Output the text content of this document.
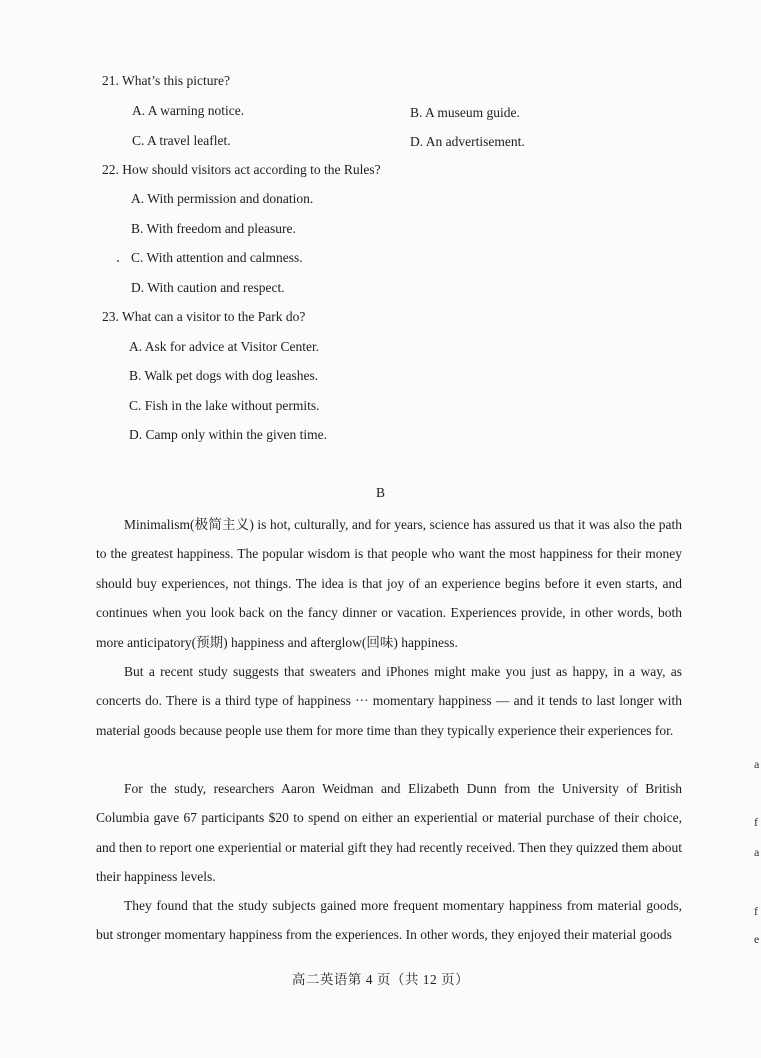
21. What’s this picture?
A. A warning notice.	B. A museum guide.
C. A travel leaflet.	D. An advertisement.
22. How should visitors act according to the Rules?
A. With permission and donation.
B. With freedom and pleasure.
C. With attention and calmness.
D. With caution and respect.
23. What can a visitor to the Park do?
A. Ask for advice at Visitor Center.
B. Walk pet dogs with dog leashes.
C. Fish in the lake without permits.
D. Camp only within the given time.
B
Minimalism(极简主义) is hot, culturally, and for years, science has assured us that it was also the path to the greatest happiness. The popular wisdom is that people who want the most happiness for their money should buy experiences, not things. The idea is that joy of an experience begins before it even starts, and continues when you look back on the fancy dinner or vacation. Experiences provide, in other words, both more anticipatory(预期) happiness and afterglow(回味) happiness.
But a recent study suggests that sweaters and iPhones might make you just as happy, in a way, as concerts do. There is a third type of happiness ··· momentary happiness — and it tends to last longer with material goods because people use them for more time than they typically experience their experiences for.
For the study, researchers Aaron Weidman and Elizabeth Dunn from the University of British Columbia gave 67 participants $20 to spend on either an experiential or material purchase of their choice, and then to report one experiential or material gift they had recently received. Then they quizzed them about their happiness levels.
They found that the study subjects gained more frequent momentary happiness from material goods, but stronger momentary happiness from the experiences. In other words, they enjoyed their material goods
高二英语第 4 页（共 12 页）
a
f
a
f
e
